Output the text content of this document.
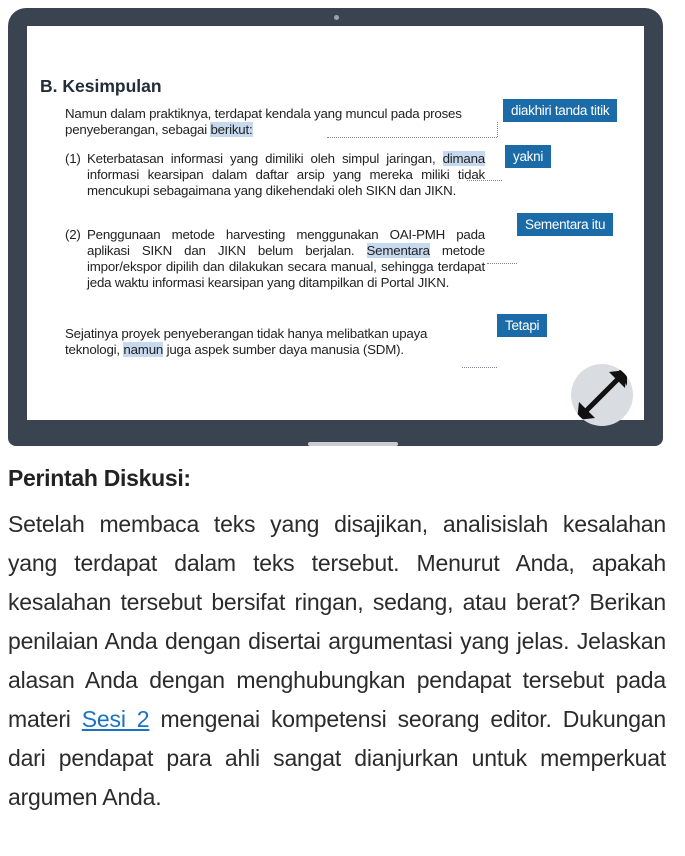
B. Kesimpulan
Namun dalam praktiknya, terdapat kendala yang muncul pada proses penyeberangan, sebagai berikut:
(1) Keterbatasan informasi yang dimiliki oleh simpul jaringan, dimana informasi kearsipan dalam daftar arsip yang mereka miliki tidak mencukupi sebagaimana yang dikehendaki oleh SIKN dan JIKN.
(2) Penggunaan metode harvesting menggunakan OAI-PMH pada aplikasi SIKN dan JIKN belum berjalan. Sementara metode impor/ekspor dipilih dan dilakukan secara manual, sehingga terdapat jeda waktu informasi kearsipan yang ditampilkan di Portal JIKN.
Sejatinya proyek penyeberangan tidak hanya melibatkan upaya teknologi, namun juga aspek sumber daya manusia (SDM).
diakhiri tanda titik
yakni
Sementara itu
Tetapi
Perintah Diskusi:
Setelah membaca teks yang disajikan, analisislah kesalahan yang terdapat dalam teks tersebut. Menurut Anda, apakah kesalahan tersebut bersifat ringan, sedang, atau berat? Berikan penilaian Anda dengan disertai argumentasi yang jelas. Jelaskan alasan Anda dengan menghubungkan pendapat tersebut pada materi Sesi 2 mengenai kompetensi seorang editor. Dukungan dari pendapat para ahli sangat dianjurkan untuk memperkuat argumen Anda.
